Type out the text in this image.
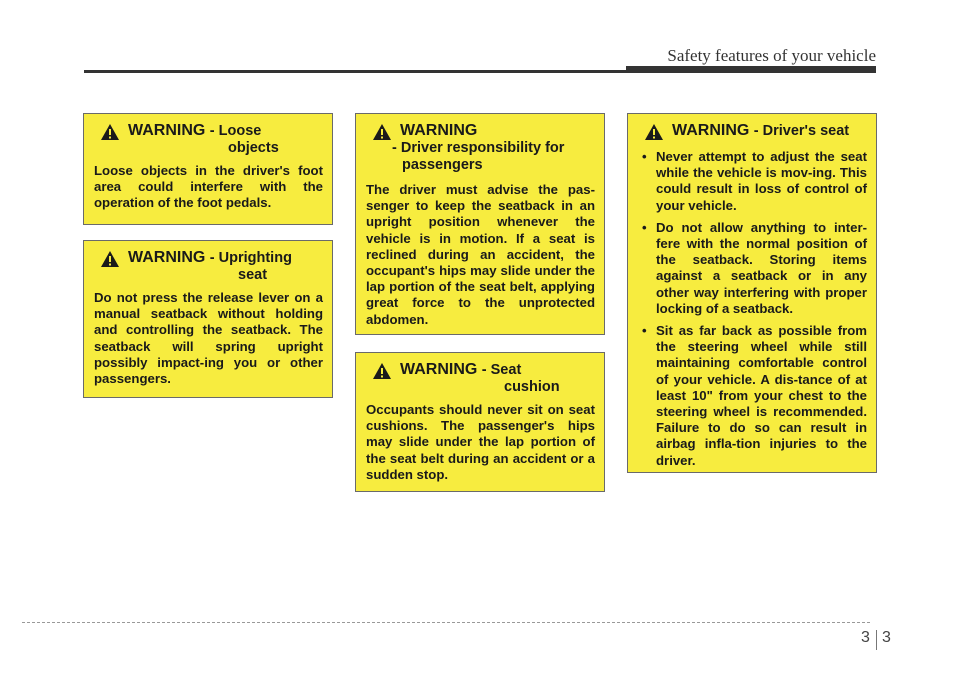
Safety features of your vehicle
WARNING - Loose
objects
Loose objects in the driver's foot area could interfere with the operation of the foot pedals.
WARNING - Uprighting
seat
Do not press the release lever on a manual seatback without holding and controlling the seatback. The seatback will spring upright possibly impact-ing you or other passengers.
WARNING
- Driver responsibility for
passengers
The driver must advise the pas-senger to keep the seatback in an upright position whenever the vehicle is in motion. If a seat is reclined during an accident, the occupant's hips may slide under the lap portion of the seat belt, applying great force to the unprotected abdomen.
WARNING - Seat
cushion
Occupants should never sit on seat cushions. The passenger's hips may slide under the lap portion of the seat belt during an accident or a sudden stop.
WARNING - Driver's seat
• Never attempt to adjust the seat while the vehicle is mov-ing. This could result in loss of control of your vehicle.
• Do not allow anything to inter-fere with the normal position of the seatback. Storing items against a seatback or in any other way interfering with proper locking of a seatback.
• Sit as far back as possible from the steering wheel while still maintaining comfortable control of your vehicle. A dis-tance of at least 10" from your chest to the steering wheel is recommended. Failure to do so can result in airbag infla-tion injuries to the driver.
3 3
